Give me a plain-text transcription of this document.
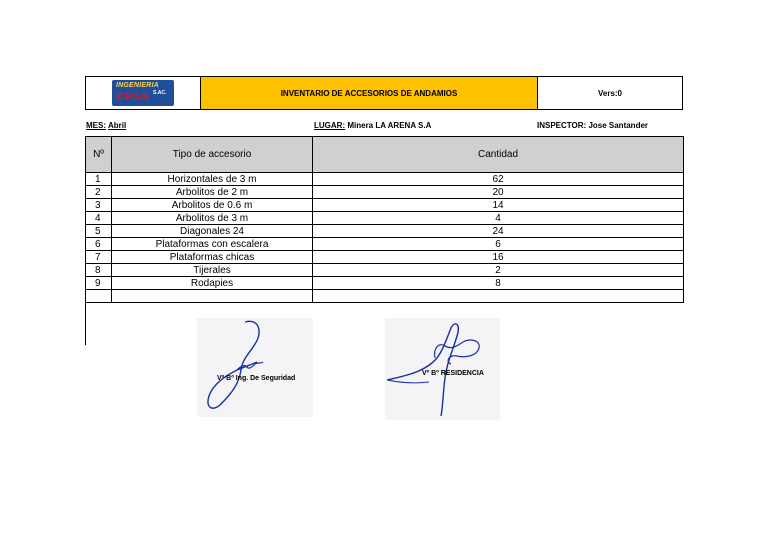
INGENIERIA
CRSS S.AC.	INVENTARIO DE ACCESORIOS DE ANDAMIOS	Vers:0
MES: Abril	LUGAR: Minera LA ARENA S.A	INSPECTOR: Jose Santander
Nº	Tipo de accesorio	Cantidad
1	Horizontales de 3 m	62
2	Arbolitos de 2 m	20
3	Arbolitos de 0.6 m	14
4	Arbolitos de 3 m	4
5	Diagonales 24	24
6	Plataformas con escalera	6
7	Plataformas chicas	16
8	Tijerales	2
9	Rodapies	8

Vº Bº Ing. De Seguridad
Vº Bº RESIDENCIA
